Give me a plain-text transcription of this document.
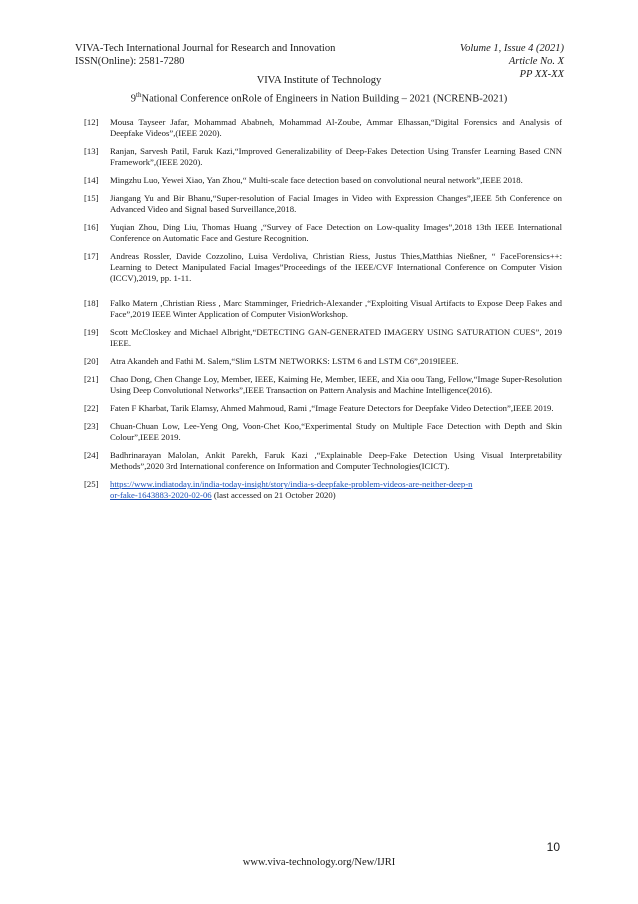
VIVA-Tech International Journal for Research and Innovation
ISSN(Online): 2581-7280
Volume 1, Issue 4 (2021)
Article No. X
PP XX-XX
VIVA Institute of Technology
9thNational Conference onRole of Engineers in Nation Building – 2021 (NCRENB-2021)
[12] Mousa Tayseer Jafar, Mohammad Ababneh, Mohammad Al-Zoube, Ammar Elhassan,“Digital Forensics and Analysis of Deepfake Videos”,(IEEE 2020).
[13] Ranjan, Sarvesh Patil, Faruk Kazi,“Improved Generalizability of Deep-Fakes Detection Using Transfer Learning Based CNN Framework”,(IEEE 2020).
[14] Mingzhu Luo, Yewei Xiao, Yan Zhou,“ Multi-scale face detection based on convolutional neural network”,IEEE 2018.
[15] Jiangang Yu and Bir Bhanu,“Super-resolution of Facial Images in Video with Expression Changes”,IEEE 5th Conference on Advanced Video and Signal based Surveillance,2018.
[16] Yuqian Zhou, Ding Liu, Thomas Huang ,“Survey of Face Detection on Low-quality Images”,2018 13th IEEE International Conference on Automatic Face and Gesture Recognition.
[17] Andreas Rossler, Davide Cozzolino, Luisa Verdoliva, Christian Riess, Justus Thies,Matthias Nießner, “ FaceForensics++: Learning to Detect Manipulated Facial Images”Proceedings of the IEEE/CVF International Conference on Computer Vision (ICCV),2019, pp. 1-11.
[18] Falko Matern ,Christian Riess , Marc Stamminger, Friedrich-Alexander ,“Exploiting Visual Artifacts to Expose Deep Fakes and Face”,2019 IEEE Winter Application of Computer VisionWorkshop.
[19] Scott McCloskey and Michael Albright,“DETECTING GAN-GENERATED IMAGERY USING SATURATION CUES”, 2019 IEEE.
[20] Atra Akandeh and Fathi M. Salem,“Slim LSTM NETWORKS: LSTM 6 and LSTM C6”,2019IEEE.
[21] Chao Dong, Chen Change Loy, Member, IEEE, Kaiming He, Member, IEEE, and Xia oou Tang, Fellow,“Image Super-Resolution Using Deep Convolutional Networks”,IEEE Transaction on Pattern Analysis and Machine Intelligence(2016).
[22] Faten F Kharbat, Tarik Elamsy, Ahmed Mahmoud, Rami ,“Image Feature Detectors for Deepfake Video Detection”,IEEE 2019.
[23] Chuan-Chuan Low, Lee-Yeng Ong, Voon-Chet Koo,“Experimental Study on Multiple Face Detection with Depth and Skin Colour”,IEEE 2019.
[24] Badhrinarayan Malolan, Ankit Parekh, Faruk Kazi ,“Explainable Deep-Fake Detection Using Visual Interpretability Methods”,2020 3rd International conference on Information and Computer Technologies(ICICT).
[25] https://www.indiatoday.in/india-today-insight/story/india-s-deepfake-problem-videos-are-neither-deep-n
or-fake-1643883-2020-02-06 (last accessed on 21 October 2020)
10
www.viva-technology.org/New/IJRI
